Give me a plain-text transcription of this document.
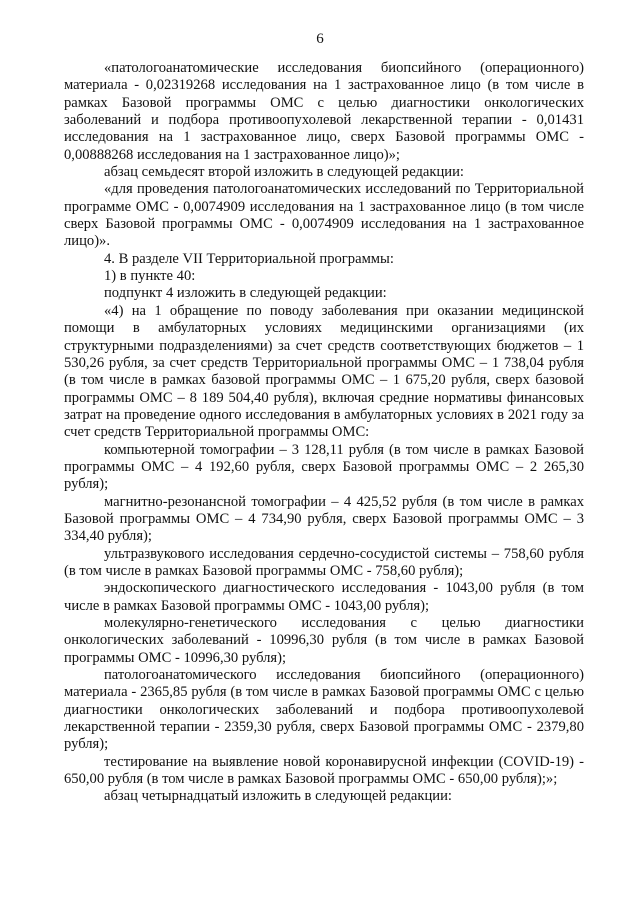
6

«патологоанатомические исследования биопсийного (операционного) материала - 0,02319268 исследования на 1 застрахованное лицо (в том числе в рамках Базовой программы ОМС с целью диагностики онкологических заболеваний и подбора противоопухолевой лекарственной терапии - 0,01431 исследования на 1 застрахованное лицо, сверх Базовой программы ОМС - 0,00888268 исследования на 1 застрахованное лицо)»;

абзац семьдесят второй изложить в следующей редакции:

«для проведения патологоанатомических исследований по Территориальной программе ОМС - 0,0074909 исследования на 1 застрахованное лицо (в том числе сверх Базовой программы ОМС - 0,0074909 исследования на 1 застрахованное лицо)».

4. В разделе VII Территориальной программы:

1) в пункте 40:

подпункт 4 изложить в следующей редакции:

«4) на 1 обращение по поводу заболевания при оказании медицинской помощи в амбулаторных условиях медицинскими организациями (их структурными подразделениями) за счет средств соответствующих бюджетов – 1 530,26 рубля, за счет средств Территориальной программы ОМС – 1 738,04 рубля (в том числе в рамках базовой программы ОМС – 1 675,20 рубля, сверх базовой программы ОМС – 8 189 504,40 рубля), включая средние нормативы финансовых затрат на проведение одного исследования в амбулаторных условиях в 2021 году за счет средств Территориальной программы ОМС:

компьютерной томографии – 3 128,11 рубля (в том числе в рамках Базовой программы ОМС – 4 192,60 рубля, сверх Базовой программы ОМС – 2 265,30 рубля);

магнитно-резонансной томографии – 4 425,52 рубля (в том числе в рамках Базовой программы ОМС – 4 734,90 рубля, сверх Базовой программы ОМС – 3 334,40 рубля);

ультразвукового исследования сердечно-сосудистой системы – 758,60 рубля (в том числе в рамках Базовой программы ОМС - 758,60 рубля);

эндоскопического диагностического исследования - 1043,00 рубля (в том числе в рамках Базовой программы ОМС - 1043,00 рубля);

молекулярно-генетического исследования с целью диагностики онкологических заболеваний - 10996,30 рубля (в том числе в рамках Базовой программы ОМС - 10996,30 рубля);

патологоанатомического исследования биопсийного (операционного) материала - 2365,85 рубля (в том числе в рамках Базовой программы ОМС с целью диагностики онкологических заболеваний и подбора противоопухолевой лекарственной терапии - 2359,30 рубля, сверх Базовой программы ОМС - 2379,80 рубля);

тестирование на выявление новой коронавирусной инфекции (COVID-19) - 650,00 рубля (в том числе в рамках Базовой программы ОМС - 650,00 рубля);»;

абзац четырнадцатый изложить в следующей редакции:
